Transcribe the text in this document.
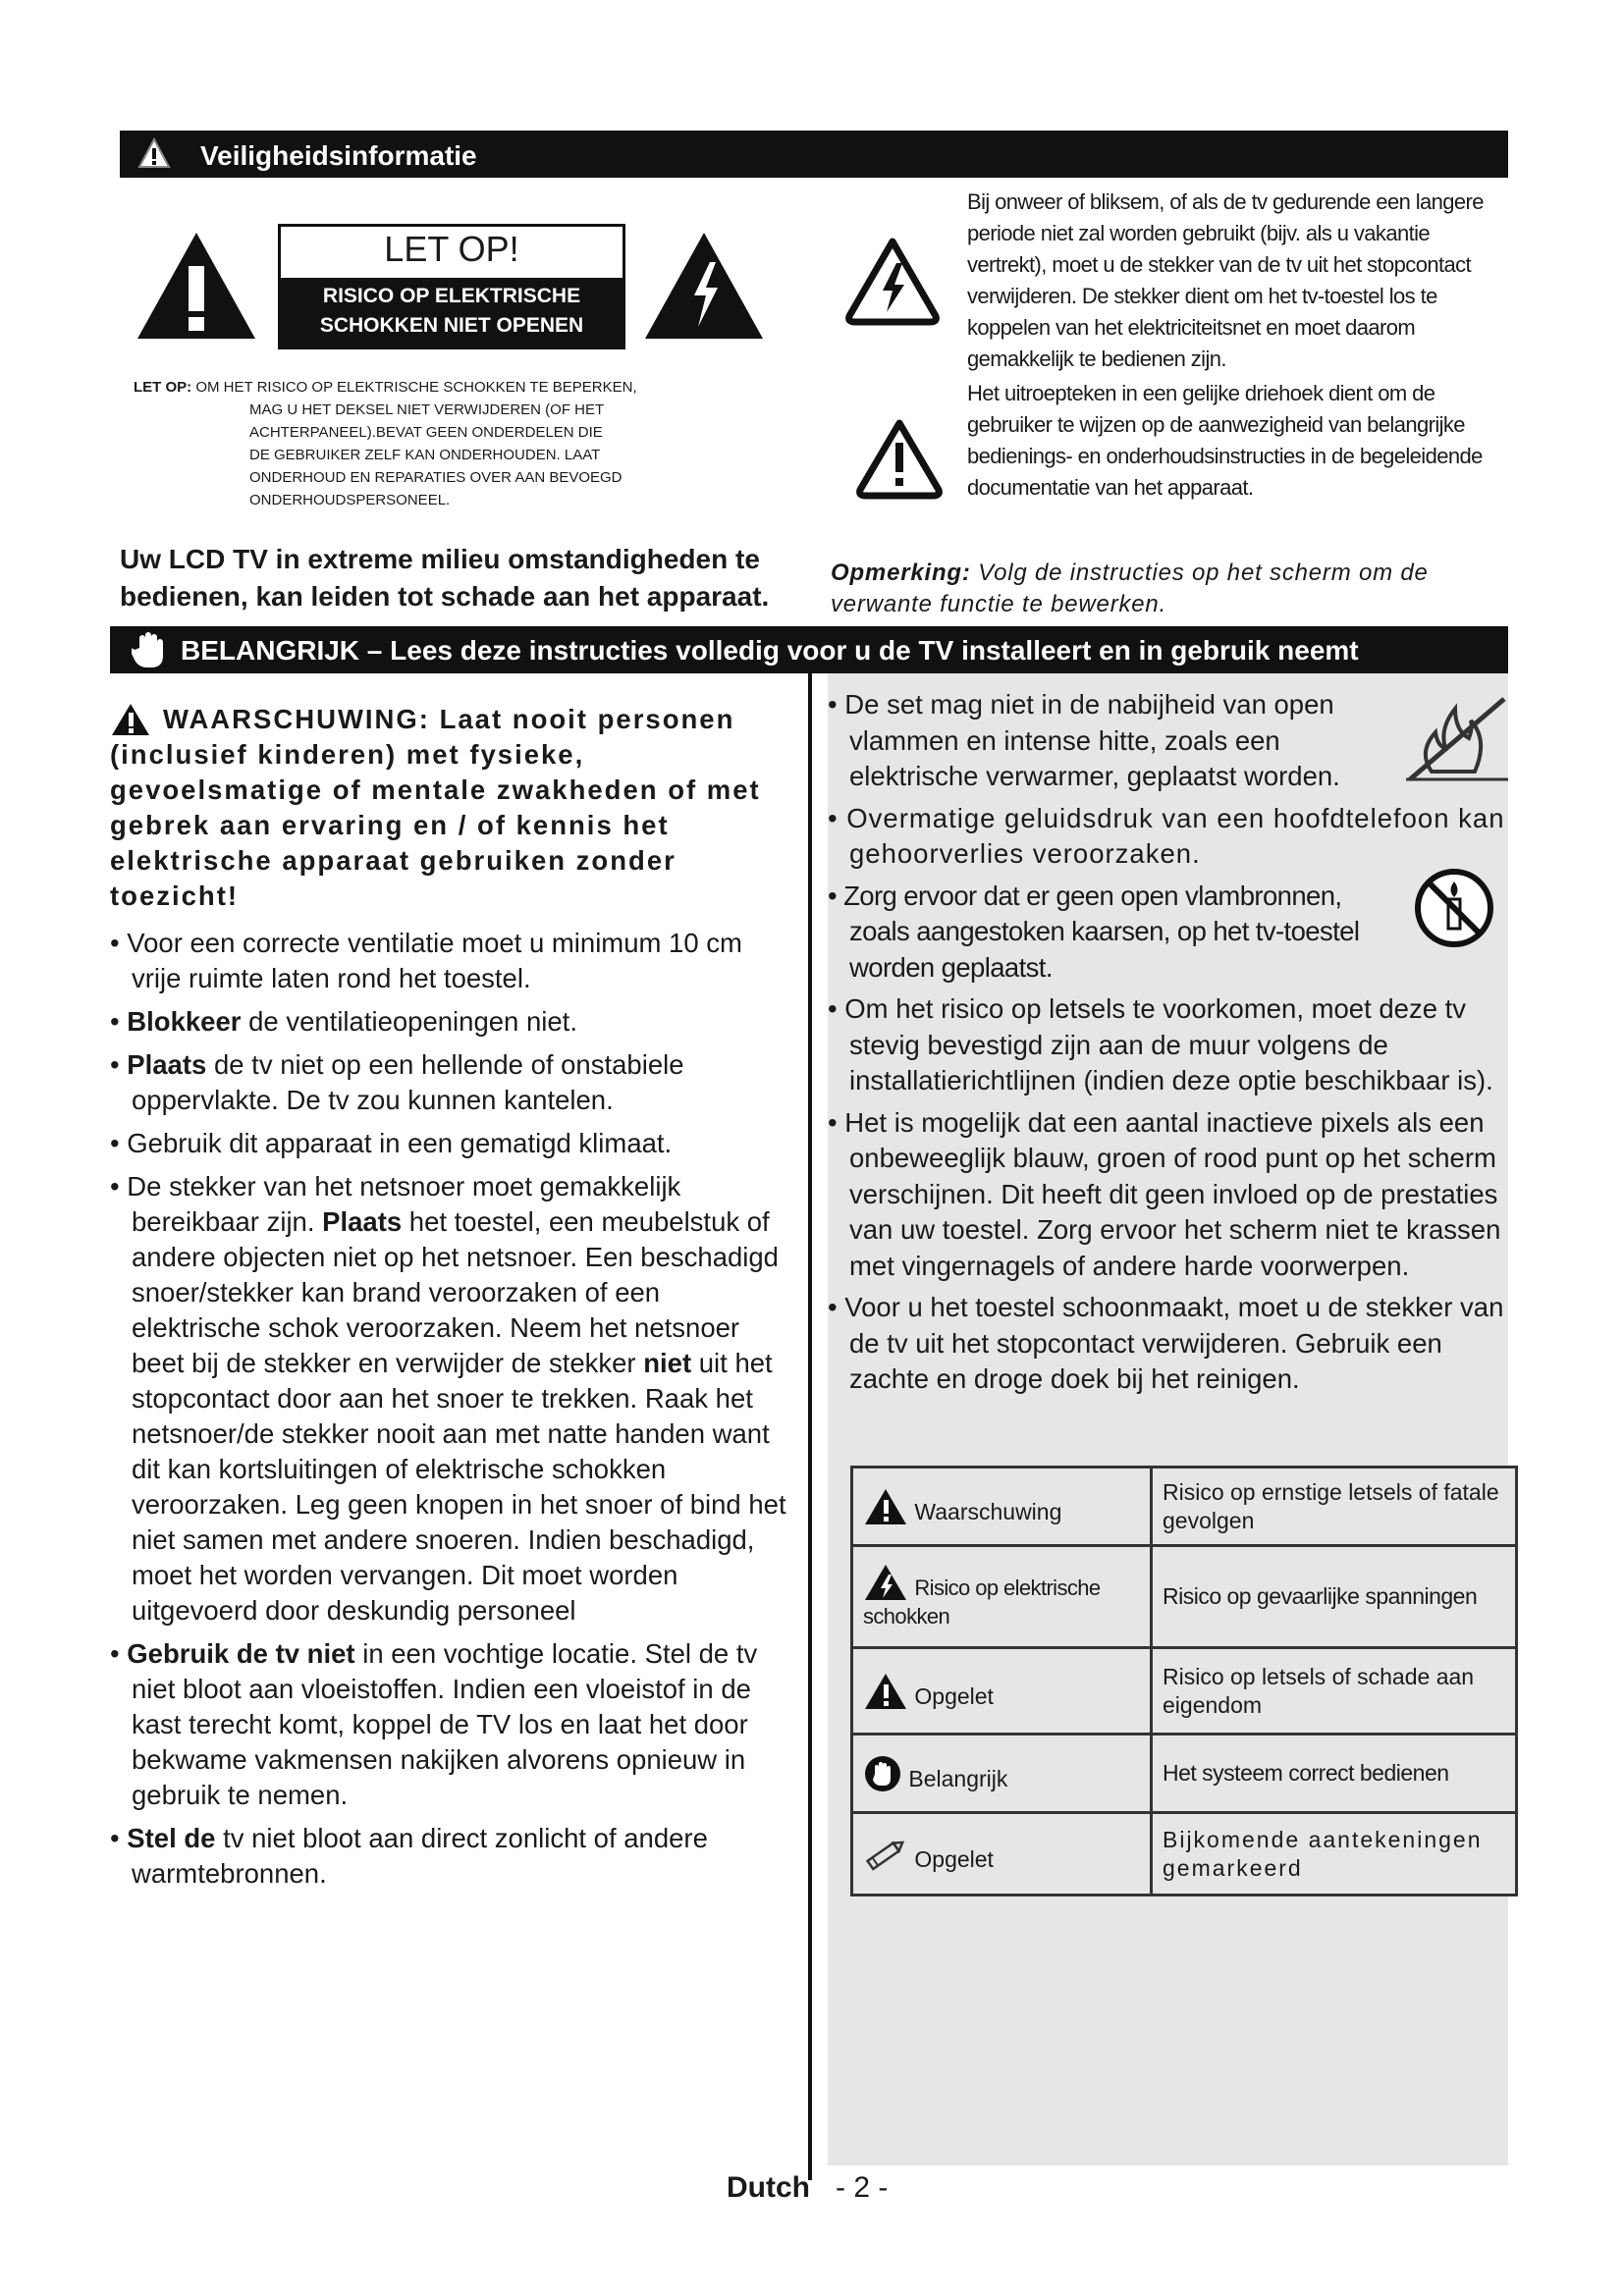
Veiligheidsinformatie
LET OP!
RISICO OP ELEKTRISCHE
SCHOKKEN NIET OPENEN
LET OP: OM HET RISICO OP ELEKTRISCHE SCHOKKEN TE BEPERKEN,
MAG U HET DEKSEL NIET VERWIJDEREN (OF HET
ACHTERPANEEL).BEVAT GEEN ONDERDELEN DIE
DE GEBRUIKER ZELF KAN ONDERHOUDEN. LAAT
ONDERHOUD EN REPARATIES OVER AAN BEVOEGD
ONDERHOUDSPERSONEEL.
Bij onweer of bliksem, of als de tv gedurende een langere periode niet zal worden gebruikt (bijv. als u vakantie vertrekt), moet u de stekker van de tv uit het stopcontact verwijderen. De stekker dient om het tv-toestel los te koppelen van het elektriciteitsnet en moet daarom gemakkelijk te bedienen zijn.
Het uitroepteken in een gelijke driehoek dient om de gebruiker te wijzen op de aanwezigheid van belangrijke bedienings- en onderhoudsinstructies in de begeleidende documentatie van het apparaat.
Uw LCD TV in extreme milieu omstandigheden te bedienen, kan leiden tot schade aan het apparaat.
Opmerking: Volg de instructies op het scherm om de verwante functie te bewerken.
BELANGRIJK – Lees deze instructies volledig voor u de TV installeert en in gebruik neemt

WAARSCHUWING: Laat nooit personen (inclusief kinderen) met fysieke, gevoelsmatige of mentale zwakheden of met gebrek aan ervaring en / of kennis het elektrische apparaat gebruiken zonder toezicht!

• Voor een correcte ventilatie moet u minimum 10 cm vrije ruimte laten rond het toestel.

• Blokkeer de ventilatieopeningen niet.

• Plaats de tv niet op een hellende of onstabiele oppervlakte. De tv zou kunnen kantelen.

• Gebruik dit apparaat in een gematigd klimaat.

• De stekker van het netsnoer moet gemakkelijk bereikbaar zijn. Plaats het toestel, een meubelstuk of andere objecten niet op het netsnoer. Een beschadigd snoer/stekker kan brand veroorzaken of een elektrische schok veroorzaken. Neem het netsnoer beet bij de stekker en verwijder de stekker niet uit het stopcontact door aan het snoer te trekken. Raak het netsnoer/de stekker nooit aan met natte handen want dit kan kortsluitingen of elektrische schokken veroorzaken. Leg geen knopen in het snoer of bind het niet samen met andere snoeren. Indien beschadigd, moet het worden vervangen. Dit moet worden uitgevoerd door deskundig personeel

• Gebruik de tv niet in een vochtige locatie. Stel de tv niet bloot aan vloeistoffen. Indien een vloeistof in de kast terecht komt, koppel de TV los en laat het door bekwame vakmensen nakijken alvorens opnieuw in gebruik te nemen.

• Stel de tv niet bloot aan direct zonlicht of andere warmtebronnen.

• De set mag niet in de nabijheid van open vlammen en intense hitte, zoals een elektrische verwarmer, geplaatst worden.

• Overmatige geluidsdruk van een hoofdtelefoon kan gehoorverlies veroorzaken.

• Zorg ervoor dat er geen open vlambronnen, zoals aangestoken kaarsen, op het tv-toestel worden geplaatst.

• Om het risico op letsels te voorkomen, moet deze tv stevig bevestigd zijn aan de muur volgens de installatierichtlijnen (indien deze optie beschikbaar is).

• Het is mogelijk dat een aantal inactieve pixels als een onbeweeglijk blauw, groen of rood punt op het scherm verschijnen. Dit heeft dit geen invloed op de prestaties van uw toestel. Zorg ervoor het scherm niet te krassen met vingernagels of andere harde voorwerpen.

• Voor u het toestel schoonmaakt, moet u de stekker van de tv uit het stopcontact verwijderen. Gebruik een zachte en droge doek bij het reinigen.

Waarschuwing	Risico op ernstige letsels of fatale gevolgen
Risico op elektrische schokken	Risico op gevaarlijke spanningen
Opgelet	Risico op letsels of schade aan eigendom
Belangrijk	Het systeem correct bedienen
Opgelet	Bijkomende aantekeningen gemarkeerd
Dutch - 2 -
